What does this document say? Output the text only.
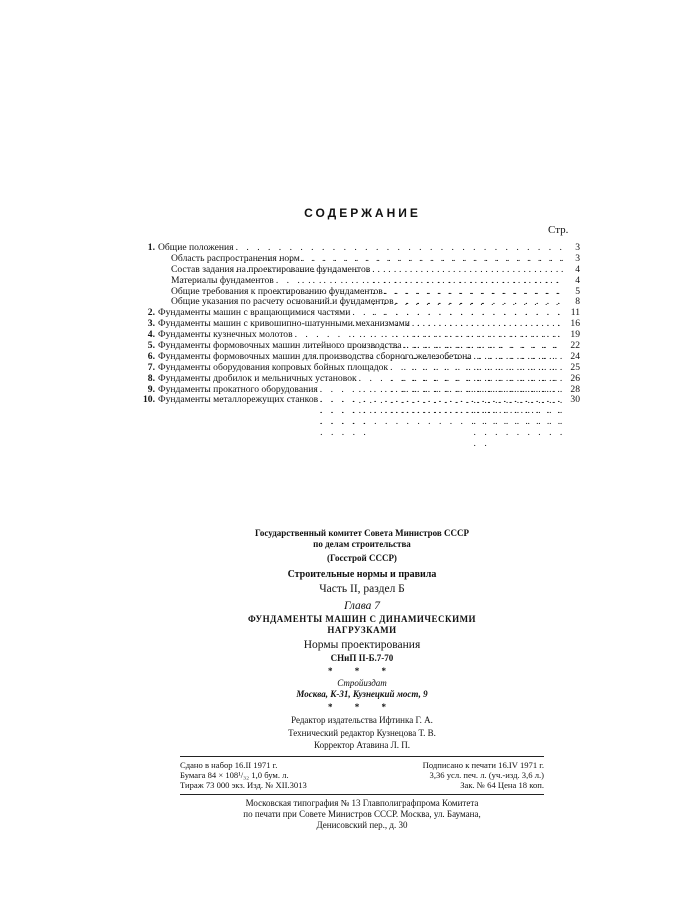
СОДЕРЖАНИЕ
Стр.
1. Общие положения . . .	3
Область распространения норм . . .	3
Состав задания на проектирование фундаментов . . .	4
Материалы фундаментов . . .	4
Общие требования к проектированию фундаментов . . .	5
Общие указания по расчету оснований и фундаментов . . .	8
2. Фундаменты машин с вращающимися частями . . .	11
3. Фундаменты машин с кривошипно-шатунными механизмами . . .	16
4. Фундаменты кузнечных молотов . . .	19
5. Фундаменты формовочных машин литейного производства . . .	22
6. Фундаменты формовочных машин для производства сборного железобетона . . .	24
7. Фундаменты оборудования копровых бойных площадок . . .	25
8. Фундаменты дробилок и мельничных установок . . .	26
9. Фундаменты прокатного оборудования . . .	28
10. Фундаменты металлорежущих станков . . .	30
Государственный комитет Совета Министров СССР
по делам строительства
(Госстрой СССР)
Строительные нормы и правила
Часть II, раздел Б
Глава 7
ФУНДАМЕНТЫ МАШИН С ДИНАМИЧЕСКИМИ
НАГРУЗКАМИ
Нормы проектирования
СНиП II-Б.7-70
* * *
Стройиздат
Москва, К-31, Кузнецкий мост, 9
* * *
Редактор издательства Ифтинка Г. А.
Технический редактор Кузнецова Т. В.
Корректор Атавина Л. П.
Сдано в набор 16.II 1971 г.	Подписано к печати 16.IV 1971 г.
Бумага 84 × 108¹/₃₂ 1,0 бум. л.	3,36 усл. печ. л. (уч.-изд. 3,6 л.)
Тираж 73 000 экз. Изд. № XII.3013	Зак. № 64 Цена 18 коп.
Московская типография № 13 Главполиграфпрома Комитета
по печати при Совете Министров СССР. Москва, ул. Баумана,
Денисовский пер., д. 30
